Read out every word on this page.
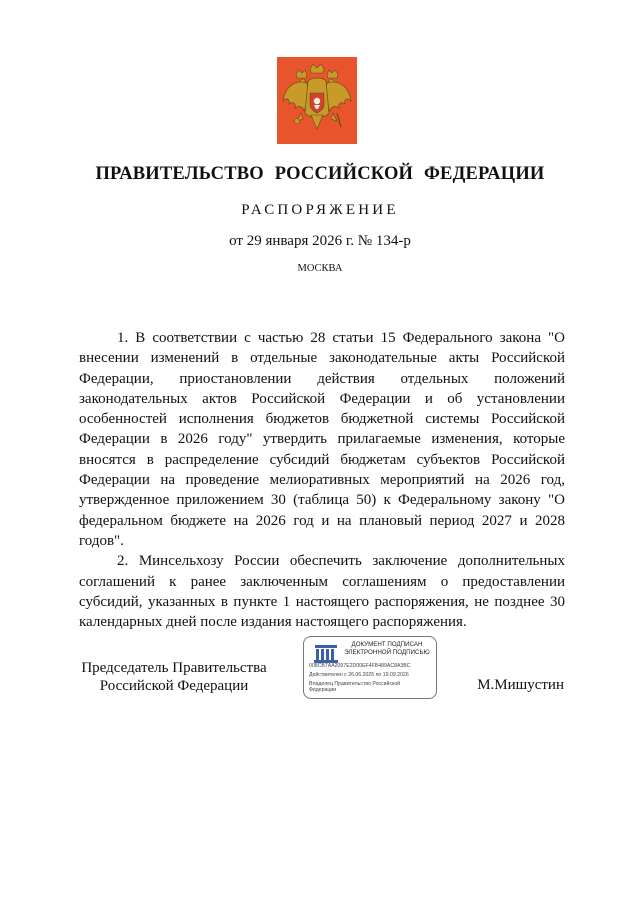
ПРАВИТЕЛЬСТВО РОССИЙСКОЙ ФЕДЕРАЦИИ
РАСПОРЯЖЕНИЕ
от 29 января 2026 г. № 134-р
МОСКВА

1. В соответствии с частью 28 статьи 15 Федерального закона "О внесении изменений в отдельные законодательные акты Российской Федерации, приостановлении действия отдельных положений законодательных актов Российской Федерации и об установлении особенностей исполнения бюджетов бюджетной системы Российской Федерации в 2026 году" утвердить прилагаемые изменения, которые вносятся в распределение субсидий бюджетам субъектов Российской Федерации на проведение мелиоративных мероприятий на 2026 год, утвержденное приложением 30 (таблица 50) к Федеральному закону "О федеральном бюджете на 2026 год и на плановый период 2027 и 2028 годов".

2. Минсельхозу России обеспечить заключение дополнительных соглашений к ранее заключенным соглашениям о предоставлении субсидий, указанных в пункте 1 настоящего распоряжения, не позднее 30 календарных дней после издания настоящего распоряжения.

Председатель Правительства
Российской Федерации
ДОКУМЕНТ ПОДПИСАН
ЭЛЕКТРОННОЙ ПОДПИСЬЮ
008CB7AA2097E2D00EF4FB489AC8A3BC
Действителен с 26.06.2025 по 19.09.2026
Владелец Правительство Российской Федерации	М.Мишустин
